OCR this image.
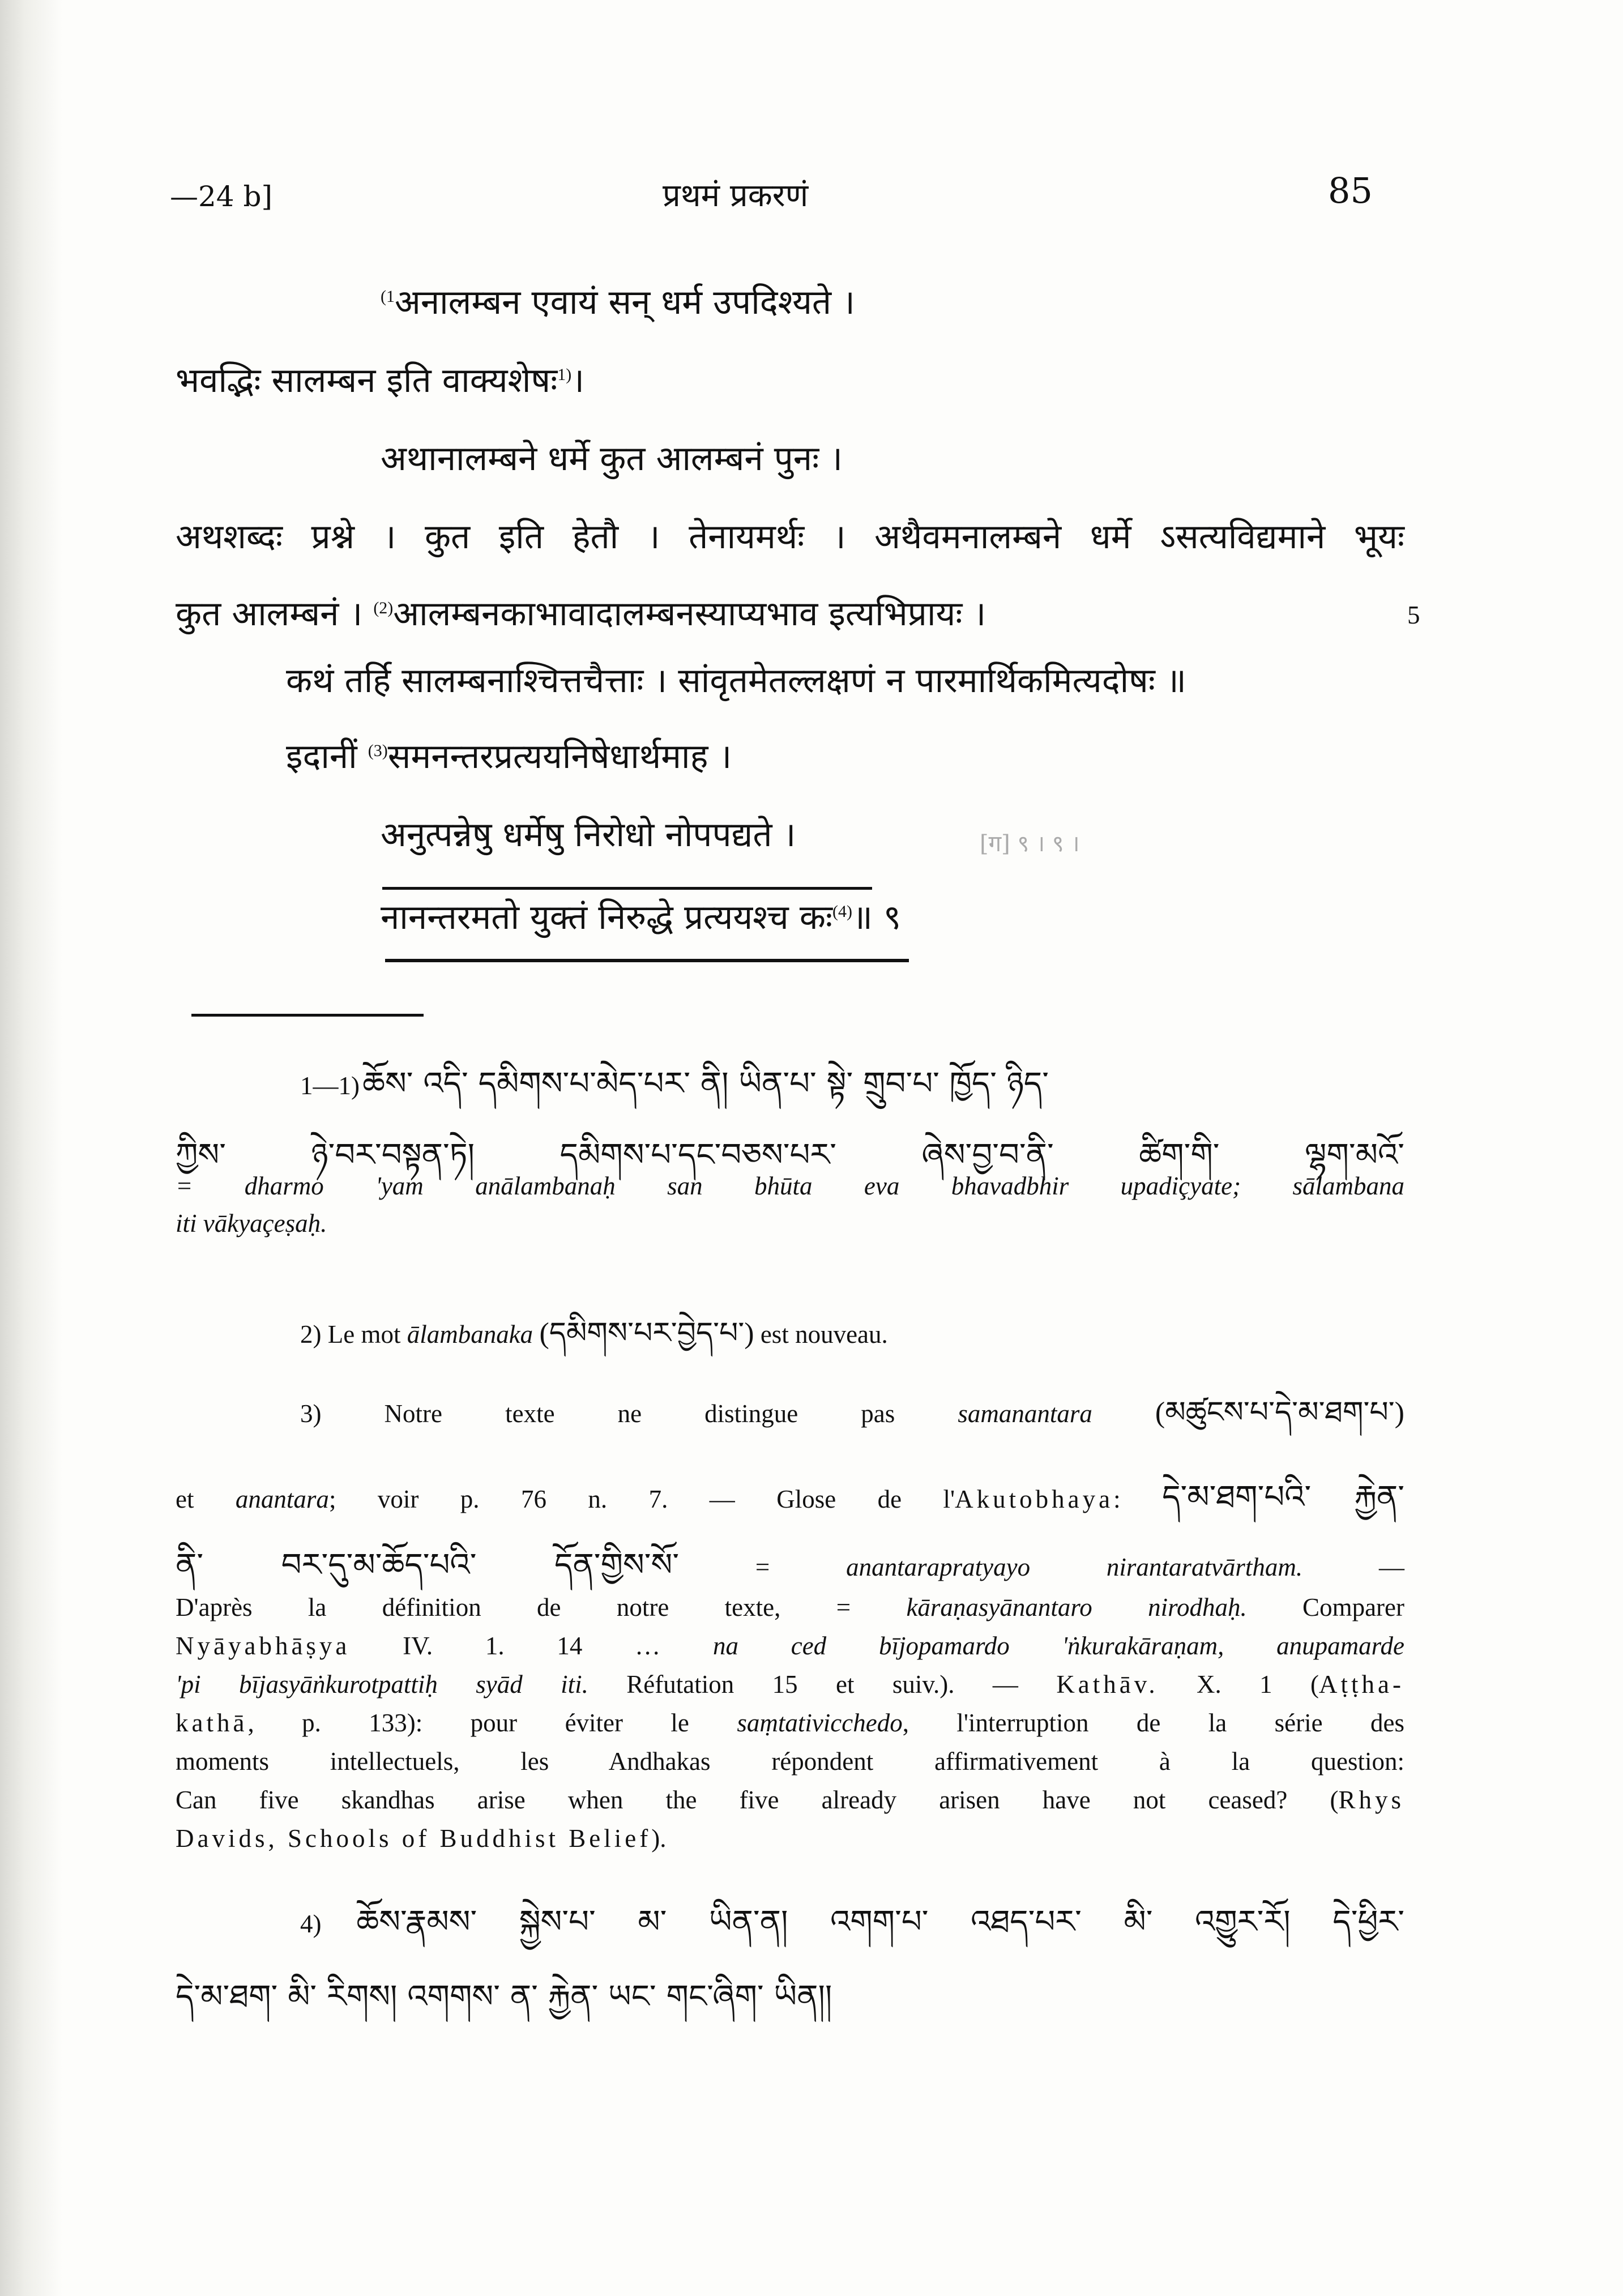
—24 b]	प्रथमं प्रकरणं	85
$^{(1}$अनालम्बन एवायं सन् धर्म उपदिश्यते ।
भवद्भिः सालम्बन इति वाक्यशेषः$^{1)}$।
अथानालम्बने धर्मे कुत आलम्बनं पुनः ।
अथशब्दः प्रश्ने । कुत इति हेतौ । तेनायमर्थः । अथैवमनालम्बने धर्मे ऽसत्यविद्यमाने भूयः
कुत आलम्बनं । $^{(2)}$आलम्बनकाभावादालम्बनस्याप्यभाव इत्यभिप्रायः ।	5
कथं तर्हि सालम्बनाश्चित्तचैत्ताः । सांवृतमेतल्लक्षणं न पारमार्थिकमित्यदोषः ॥
इदानीं $^{(3)}$समनन्तरप्रत्ययनिषेधार्थमाह ।
अनुत्पन्नेषु धर्मेषु निरोधो नोपपद्यते ।	[ग] ९ । ९ ।
नानन्तरमतो युक्तं निरुद्धे प्रत्ययश्च कः$^{(4)}$॥ ९
1—1) ཆོས་ འདི་ དམིགས་པ་མེད་པར་ ནི། ཡིན་པ་ སྟེ་ གྲུབ་པ་ ཁྱོད་ ཉིད་
ཀྱིས་ ཉེ་བར་བསྟན་ཏེ། དམིགས་པ་དང་བཅས་པར་ ཞེས་བྱ་བ་ནི་ ཚིག་གི་ ལྷག་མའོ་
= dharmo 'yam anālambanaḥ san bhūta eva bhavadbhir upadiçyate; sālambana
iti vākyaçeṣaḥ.
2) Le mot ālambanaka (དམིགས་པར་བྱེད་པ་) est nouveau.
3) Notre texte ne distingue pas samanantara (མཚུངས་པ་དེ་མ་ཐག་པ་)
et anantara; voir p. 76 n. 7. — Glose de l'Akutobhaya: དེ་མ་ཐག་པའི་ རྐྱེན་
ནི་ བར་དུ་མ་ཆོད་པའི་ དོན་གྱིས་སོ་ = anantarapratyayo nirantaratvārtham. —
D'après la définition de notre texte, = kāraṇasyānantaro nirodhaḥ. Comparer
Nyāyabhāṣya IV. 1. 14 … na ced bījopamardo 'ṅkurakāraṇam, anupamarde
'pi bījasyāṅkurotpattiḥ syād iti. Réfutation 15 et suiv.). — Kathāv. X. 1 (Aṭṭha-
kathā, p. 133): pour éviter le saṃtativicchedo, l'interruption de la série des
moments intellectuels, les Andhakas répondent affirmativement à la question:
Can five skandhas arise when the five already arisen have not ceased? (Rhys
Davids, Schools of Buddhist Belief).
4) ཆོས་རྣམས་ སྐྱེས་པ་ མ་ ཡིན་ན། འགག་པ་ འཐད་པར་ མི་ འགྱུར་རོ། དེ་ཕྱིར་
དེ་མ་ཐག་ མི་ རིགས། འགགས་ ན་ རྐྱེན་ ཡང་ གང་ཞིག་ ཡིན།།
